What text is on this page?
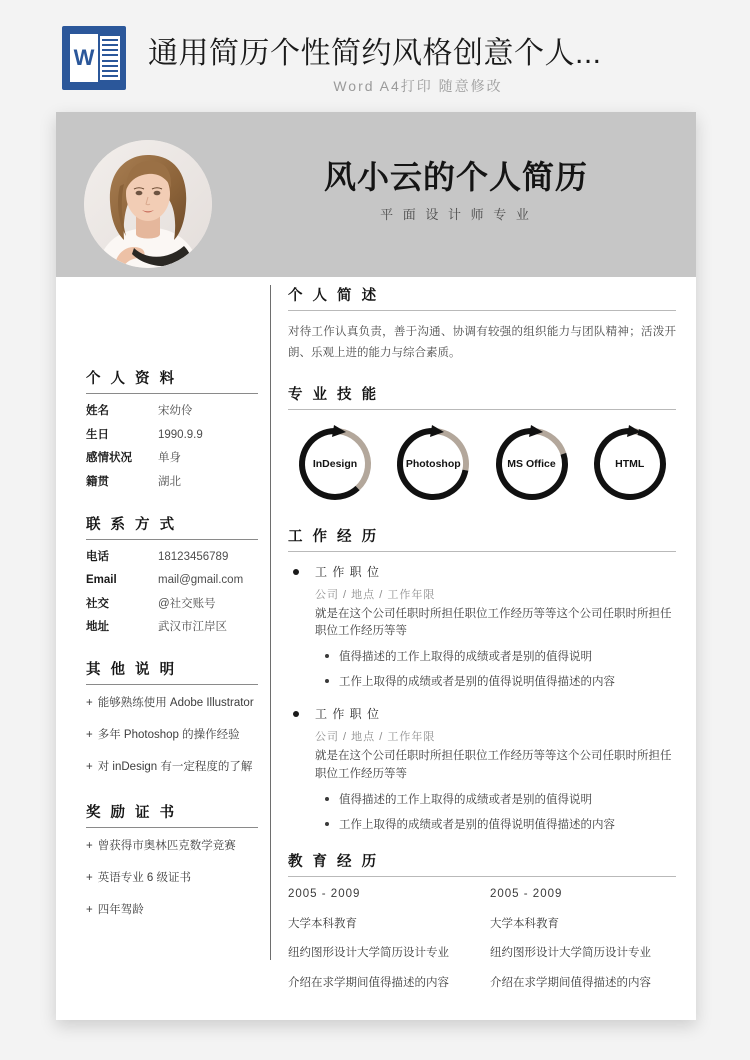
W 通用简历个性简约风格创意个人...
Word A4打印 随意修改
风小云的个人简历
平 面 设 计 师 专 业
个 人 资 料
姓名	宋幼伶
生日	1990.9.9
感情状况	单身
籍贯	湖北
联 系 方 式
电话	18123456789
Email	mail@gmail.com
社交	@社交账号
地址	武汉市江岸区
其 他 说 明
+ 能够熟练使用 Adobe Illustrator
+ 多年 Photoshop 的操作经验
+ 对 inDesign 有一定程度的了解
奖 励 证 书
+ 曾获得市奥林匹克数学竞赛
+ 英语专业 6 级证书
+ 四年驾龄
个 人 简 述
对待工作认真负责，善于沟通、协调有较强的组织能力与团队精神；活泼开朗、乐观上进的能力与综合素质。
专 业 技 能
InDesign	Photoshop	MS Office	HTML
工 作 经 历
工 作 职 位
公司 / 地点 / 工作年限
就是在这个公司任职时所担任职位工作经历等等这个公司任职时所担任职位工作经历等等
值得描述的工作上取得的成绩或者是别的值得说明
工作上取得的成绩或者是别的值得说明值得描述的内容
工 作 职 位
公司 / 地点 / 工作年限
就是在这个公司任职时所担任职位工作经历等等这个公司任职时所担任职位工作经历等等
值得描述的工作上取得的成绩或者是别的值得说明
工作上取得的成绩或者是别的值得说明值得描述的内容
教 育 经 历
2005 - 2009
大学本科教育
纽约图形设计大学简历设计专业
介绍在求学期间值得描述的内容
2005 - 2009
大学本科教育
纽约图形设计大学简历设计专业
介绍在求学期间值得描述的内容
